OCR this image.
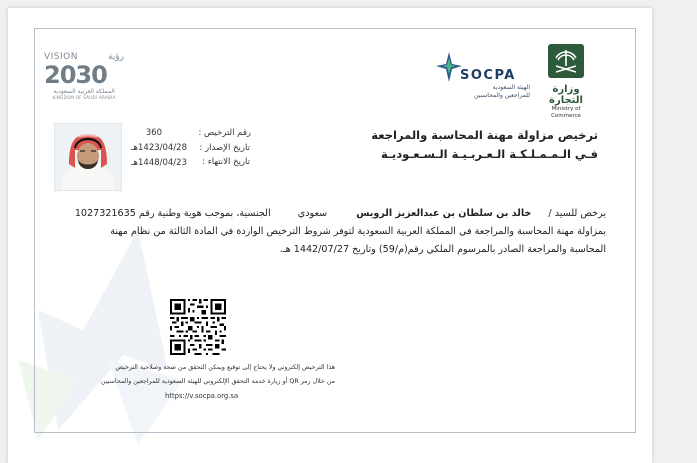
VISION	رؤية
2030
المملكة العربية السعودية
KINGDOM OF SAUDI ARABIA
SOCPA
الهيئة السعودية
للمراجعين والمحاسبين
وزارة التجارة
Ministry of Commerce
ترخيص مزاولة مهنة المحاسبة والمراجعة
فـي الـمـمـلـكـة الـعـربـيـة الـسـعـوديـة
رقم الترخيص :
360
تاريخ الإصدار :
1423/04/28هـ
تاريخ الانتهاء :
1448/04/23هـ
يرخص للسيد / خالد بن سلطان بن عبدالعزيز الرويس سعودي الجنسية، بموجب هوية وطنية رقم 1027321635
بمزاولة مهنة المحاسبة والمراجعة في المملكة العربية السعودية لتوفر شروط الترخيص الواردة في المادة الثالثة من نظام مهنة
المحاسبة والمراجعة الصادر بالمرسوم الملكي رقم(م/59) وتاريخ 1442/07/27 هـ.
هذا الترخيص إلكتروني ولا يحتاج إلى توقيع ويمكن التحقق من صحة وصلاحية الترخيص
من خلال رمز QR أو زيارة خدمة التحقق الإلكتروني للهيئة السعودية للمراجعين والمحاسبين
https://v.socpa.org.sa
